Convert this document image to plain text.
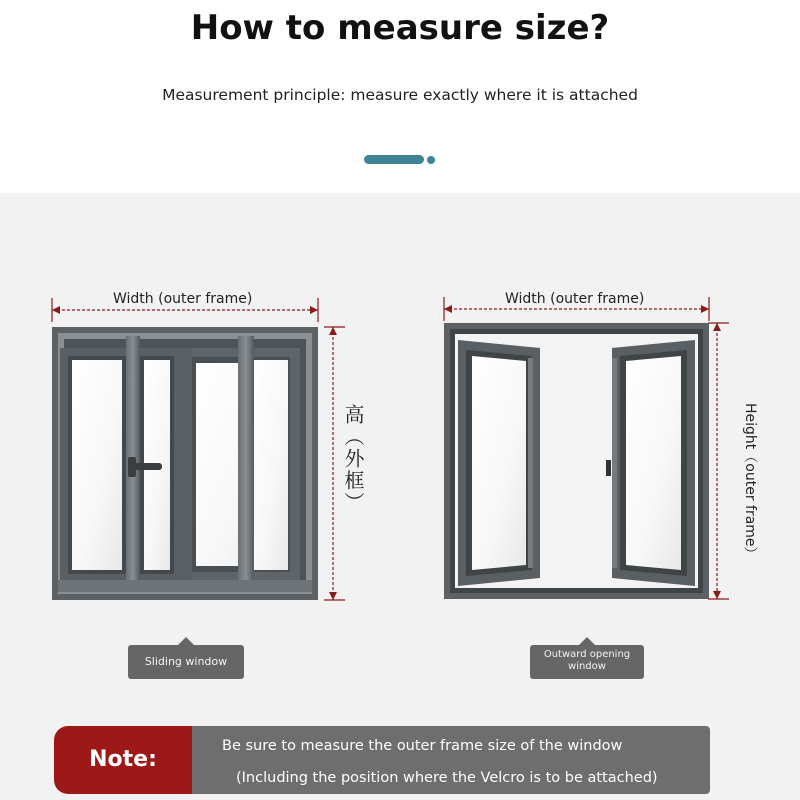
How to measure size?
Measurement principle: measure exactly where it is attached
Width (outer frame)	Width (outer frame)
高（外框）	Height（outer frame）
Sliding window
Outward opening
window
Be sure to measure the outer frame size of the window
(Including the position where the Velcro is to be attached)
Note:
